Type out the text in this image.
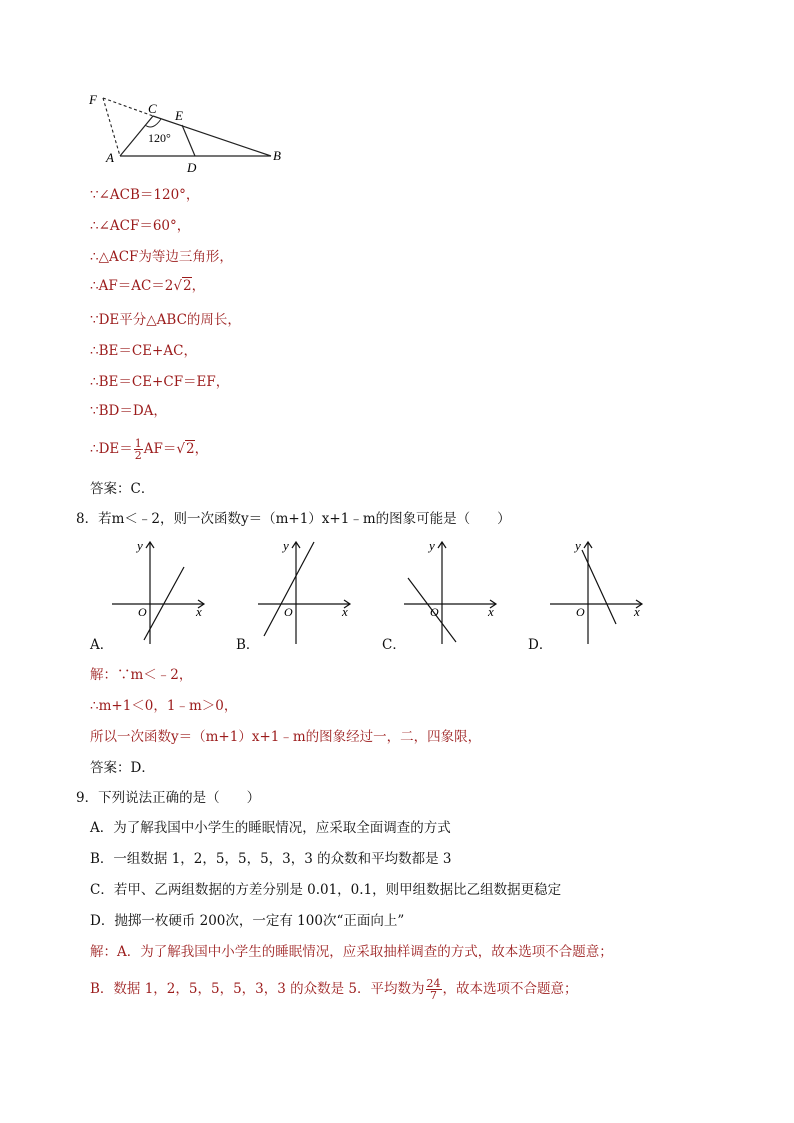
F
C E
120°
A
D
B
∵∠ACB＝120°，
∴∠ACF＝60°，
∴△ACF为等边三角形，
∴AF＝AC＝2√2，
∵DE平分△ABC的周长，
∴BE＝CE+AC，
∴BE＝CE+CF＝EF，
∵BD＝DA，
∴DE＝ $\frac{1}{2} AF= √2$ ，
答案：C．
8．若m＜﹣2，则一次函数y＝（m+1）x+1﹣m的图象可能是（　　）
y
x
O
A．
y
x
O
B．
y
x
O
C．
y
x
O
D．
解：∵m＜﹣2，
∴m+1＜0，1﹣m＞0，
所以一次函数y＝（m+1）x+1﹣m的图象经过一，二，四象限，
答案：D．
9．下列说法正确的是（　　）
A．为了解我国中小学生的睡眠情况，应采取全面调查的方式
B．一组数据 1，2，5，5，5，3，3 的众数和平均数都是 3
C．若甲、乙两组数据的方差分别是 0.01，0.1，则甲组数据比乙组数据更稳定
D．抛掷一枚硬币 200次，一定有 100次“正面向上”
解：A．为了解我国中小学生的睡眠情况，应采取抽样调查的方式，故本选项不合题意；
B．数据 1，2，5，5，5，3，3 的众数是 5．平均数为 $\frac{24}{7}$ ，故本选项不合题意；
